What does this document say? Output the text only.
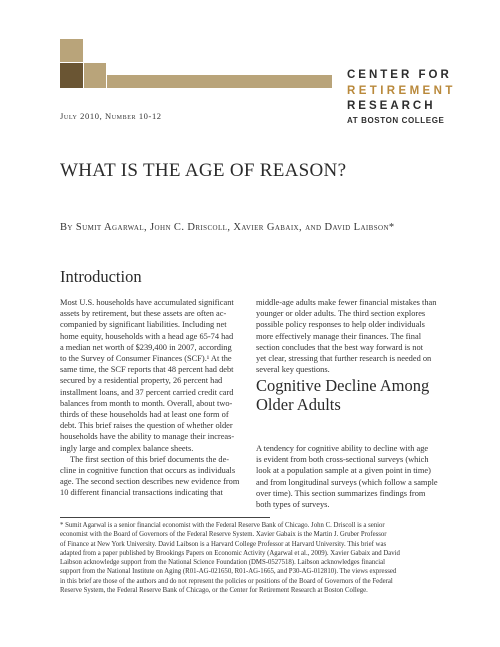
CENTER FOR
RETIREMENT
RESEARCH
AT BOSTON COLLEGE
July 2010, Number 10-12
WHAT IS THE AGE OF REASON?
By Sumit Agarwal, John C. Driscoll, Xavier Gabaix, and David Laibson*
Introduction
Most U.S. households have accumulated significant
assets by retirement, but these assets are often ac-
companied by significant liabilities. Including net
home equity, households with a head age 65-74 had
a median net worth of $239,400 in 2007, according
to the Survey of Consumer Finances (SCF).¹ At the
same time, the SCF reports that 48 percent had debt
secured by a residential property, 26 percent had
installment loans, and 37 percent carried credit card
balances from month to month. Overall, about two-
thirds of these households had at least one form of
debt. This brief raises the question of whether older
households have the ability to manage their increas-
ingly large and complex balance sheets.
The first section of this brief documents the de-
cline in cognitive function that occurs as individuals
age. The second section describes new evidence from
10 different financial transactions indicating that
middle-age adults make fewer financial mistakes than
younger or older adults. The third section explores
possible policy responses to help older individuals
more effectively manage their finances. The final
section concludes that the best way forward is not
yet clear, stressing that further research is needed on
several key questions.
Cognitive Decline Among Older Adults
A tendency for cognitive ability to decline with age
is evident from both cross-sectional surveys (which
look at a population sample at a given point in time)
and from longitudinal surveys (which follow a sample
over time). This section summarizes findings from
both types of surveys.
* Sumit Agarwal is a senior financial economist with the Federal Reserve Bank of Chicago. John C. Driscoll is a senior
economist with the Board of Governors of the Federal Reserve System. Xavier Gabaix is the Martin J. Gruber Professor
of Finance at New York University. David Laibson is a Harvard College Professor at Harvard University. This brief was
adapted from a paper published by Brookings Papers on Economic Activity (Agarwal et al., 2009). Xavier Gabaix and David
Laibson acknowledge support from the National Science Foundation (DMS-0527518). Laibson acknowledges financial
support from the National Institute on Aging (R01-AG-021650, R01-AG-1665, and P30-AG-012810). The views expressed
in this brief are those of the authors and do not represent the policies or positions of the Board of Governors of the Federal
Reserve System, the Federal Reserve Bank of Chicago, or the Center for Retirement Research at Boston College.
